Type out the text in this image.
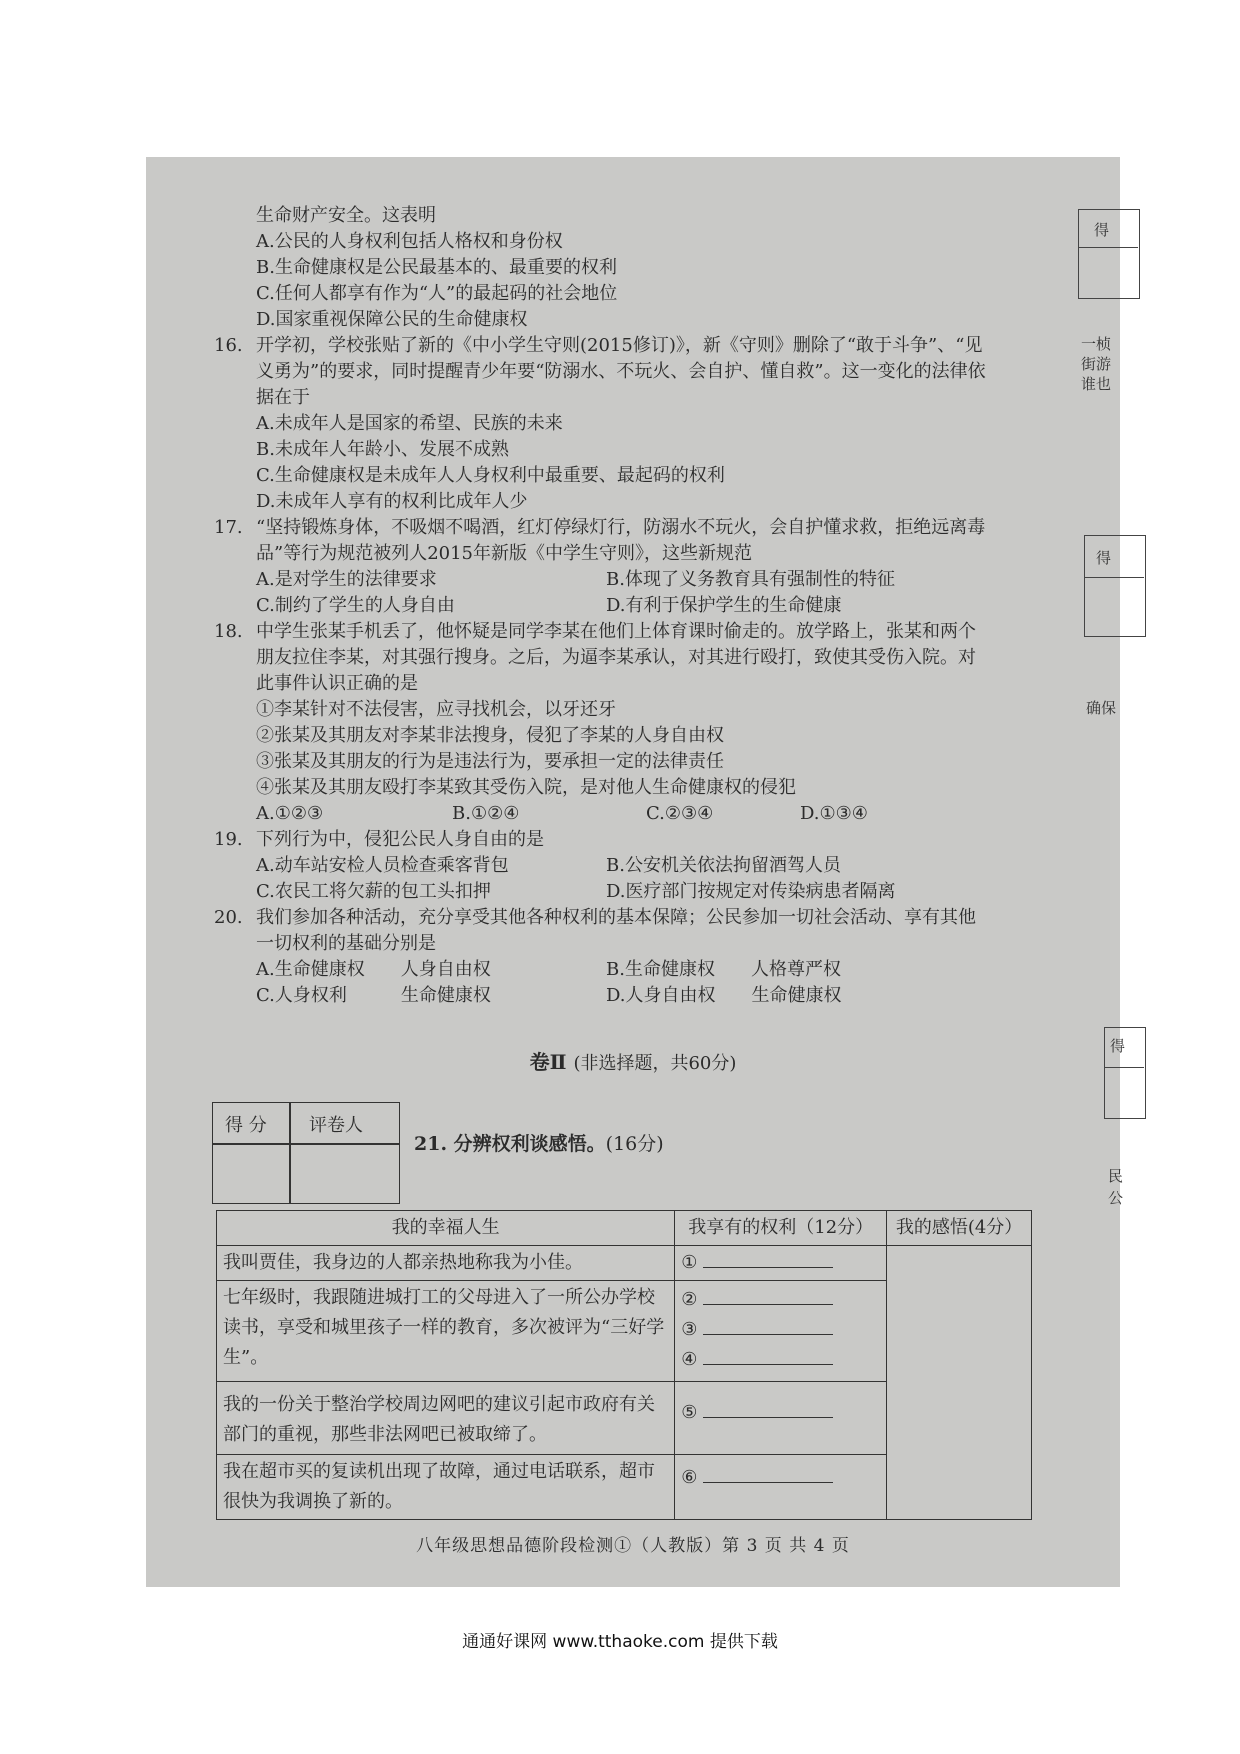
生命财产安全。这表明
A.公民的人身权利包括人格权和身份权
B.生命健康权是公民最基本的、最重要的权利
C.任何人都享有作为“人”的最起码的社会地位
D.国家重视保障公民的生命健康权
16. 开学初，学校张贴了新的《中小学生守则(2015修订)》，新《守则》删除了“敢于斗争”、“见
义勇为”的要求，同时提醒青少年要“防溺水、不玩火、会自护、懂自救”。这一变化的法律依
据在于
A.未成年人是国家的希望、民族的未来
B.未成年人年龄小、发展不成熟
C.生命健康权是未成年人人身权利中最重要、最起码的权利
D.未成年人享有的权利比成年人少
17. “坚持锻炼身体，不吸烟不喝酒，红灯停绿灯行，防溺水不玩火，会自护懂求救，拒绝远离毒
品”等行为规范被列人2015年新版《中学生守则》，这些新规范
A.是对学生的法律要求	B.体现了义务教育具有强制性的特征
C.制约了学生的人身自由	D.有利于保护学生的生命健康
18. 中学生张某手机丢了，他怀疑是同学李某在他们上体育课时偷走的。放学路上，张某和两个
朋友拉住李某，对其强行搜身。之后，为逼李某承认，对其进行殴打，致使其受伤入院。对
此事件认识正确的是
①李某针对不法侵害，应寻找机会，以牙还牙
②张某及其朋友对李某非法搜身，侵犯了李某的人身自由权
③张某及其朋友的行为是违法行为，要承担一定的法律责任
④张某及其朋友殴打李某致其受伤入院，是对他人生命健康权的侵犯
A.①②③	B.①②④	C.②③④	D.①③④
19. 下列行为中，侵犯公民人身自由的是
A.动车站安检人员检查乘客背包	B.公安机关依法拘留酒驾人员
C.农民工将欠薪的包工头扣押	D.医疗部门按规定对传染病患者隔离
20. 我们参加各种活动，充分享受其他各种权利的基本保障；公民参加一切社会活动、享有其他
一切权利的基础分别是
A.生命健康权　　人身自由权	B.生命健康权　　人格尊严权
C.人身权利　　　生命健康权	D.人身自由权　　生命健康权
卷Ⅱ (非选择题，共60分)
得 分 评卷人
21. 分辨权利谈感悟。(16分)
我的幸福人生	我享有的权利（12分）	我的感悟(4分）
我叫贾佳，我身边的人都亲热地称我为小佳。	①	

七年级时，我跟随进城打工的父母进入了一所公办学校读书，享受和城里孩子一样的教育，多次被评为“三好学生”。	②
③
④	

我的一份关于整治学校周边网吧的建议引起市政府有关部门的重视，那些非法网吧已被取缔了。	⑤	

我在超市买的复读机出现了故障，通过电话联系，超市很快为我调换了新的。	⑥	
八年级思想品德阶段检测①（人教版）第 3 页 共 4 页
得
一桢
街游
谁也
得
确保
得
民
公
通通好课网 www.tthaoke.com 提供下载
